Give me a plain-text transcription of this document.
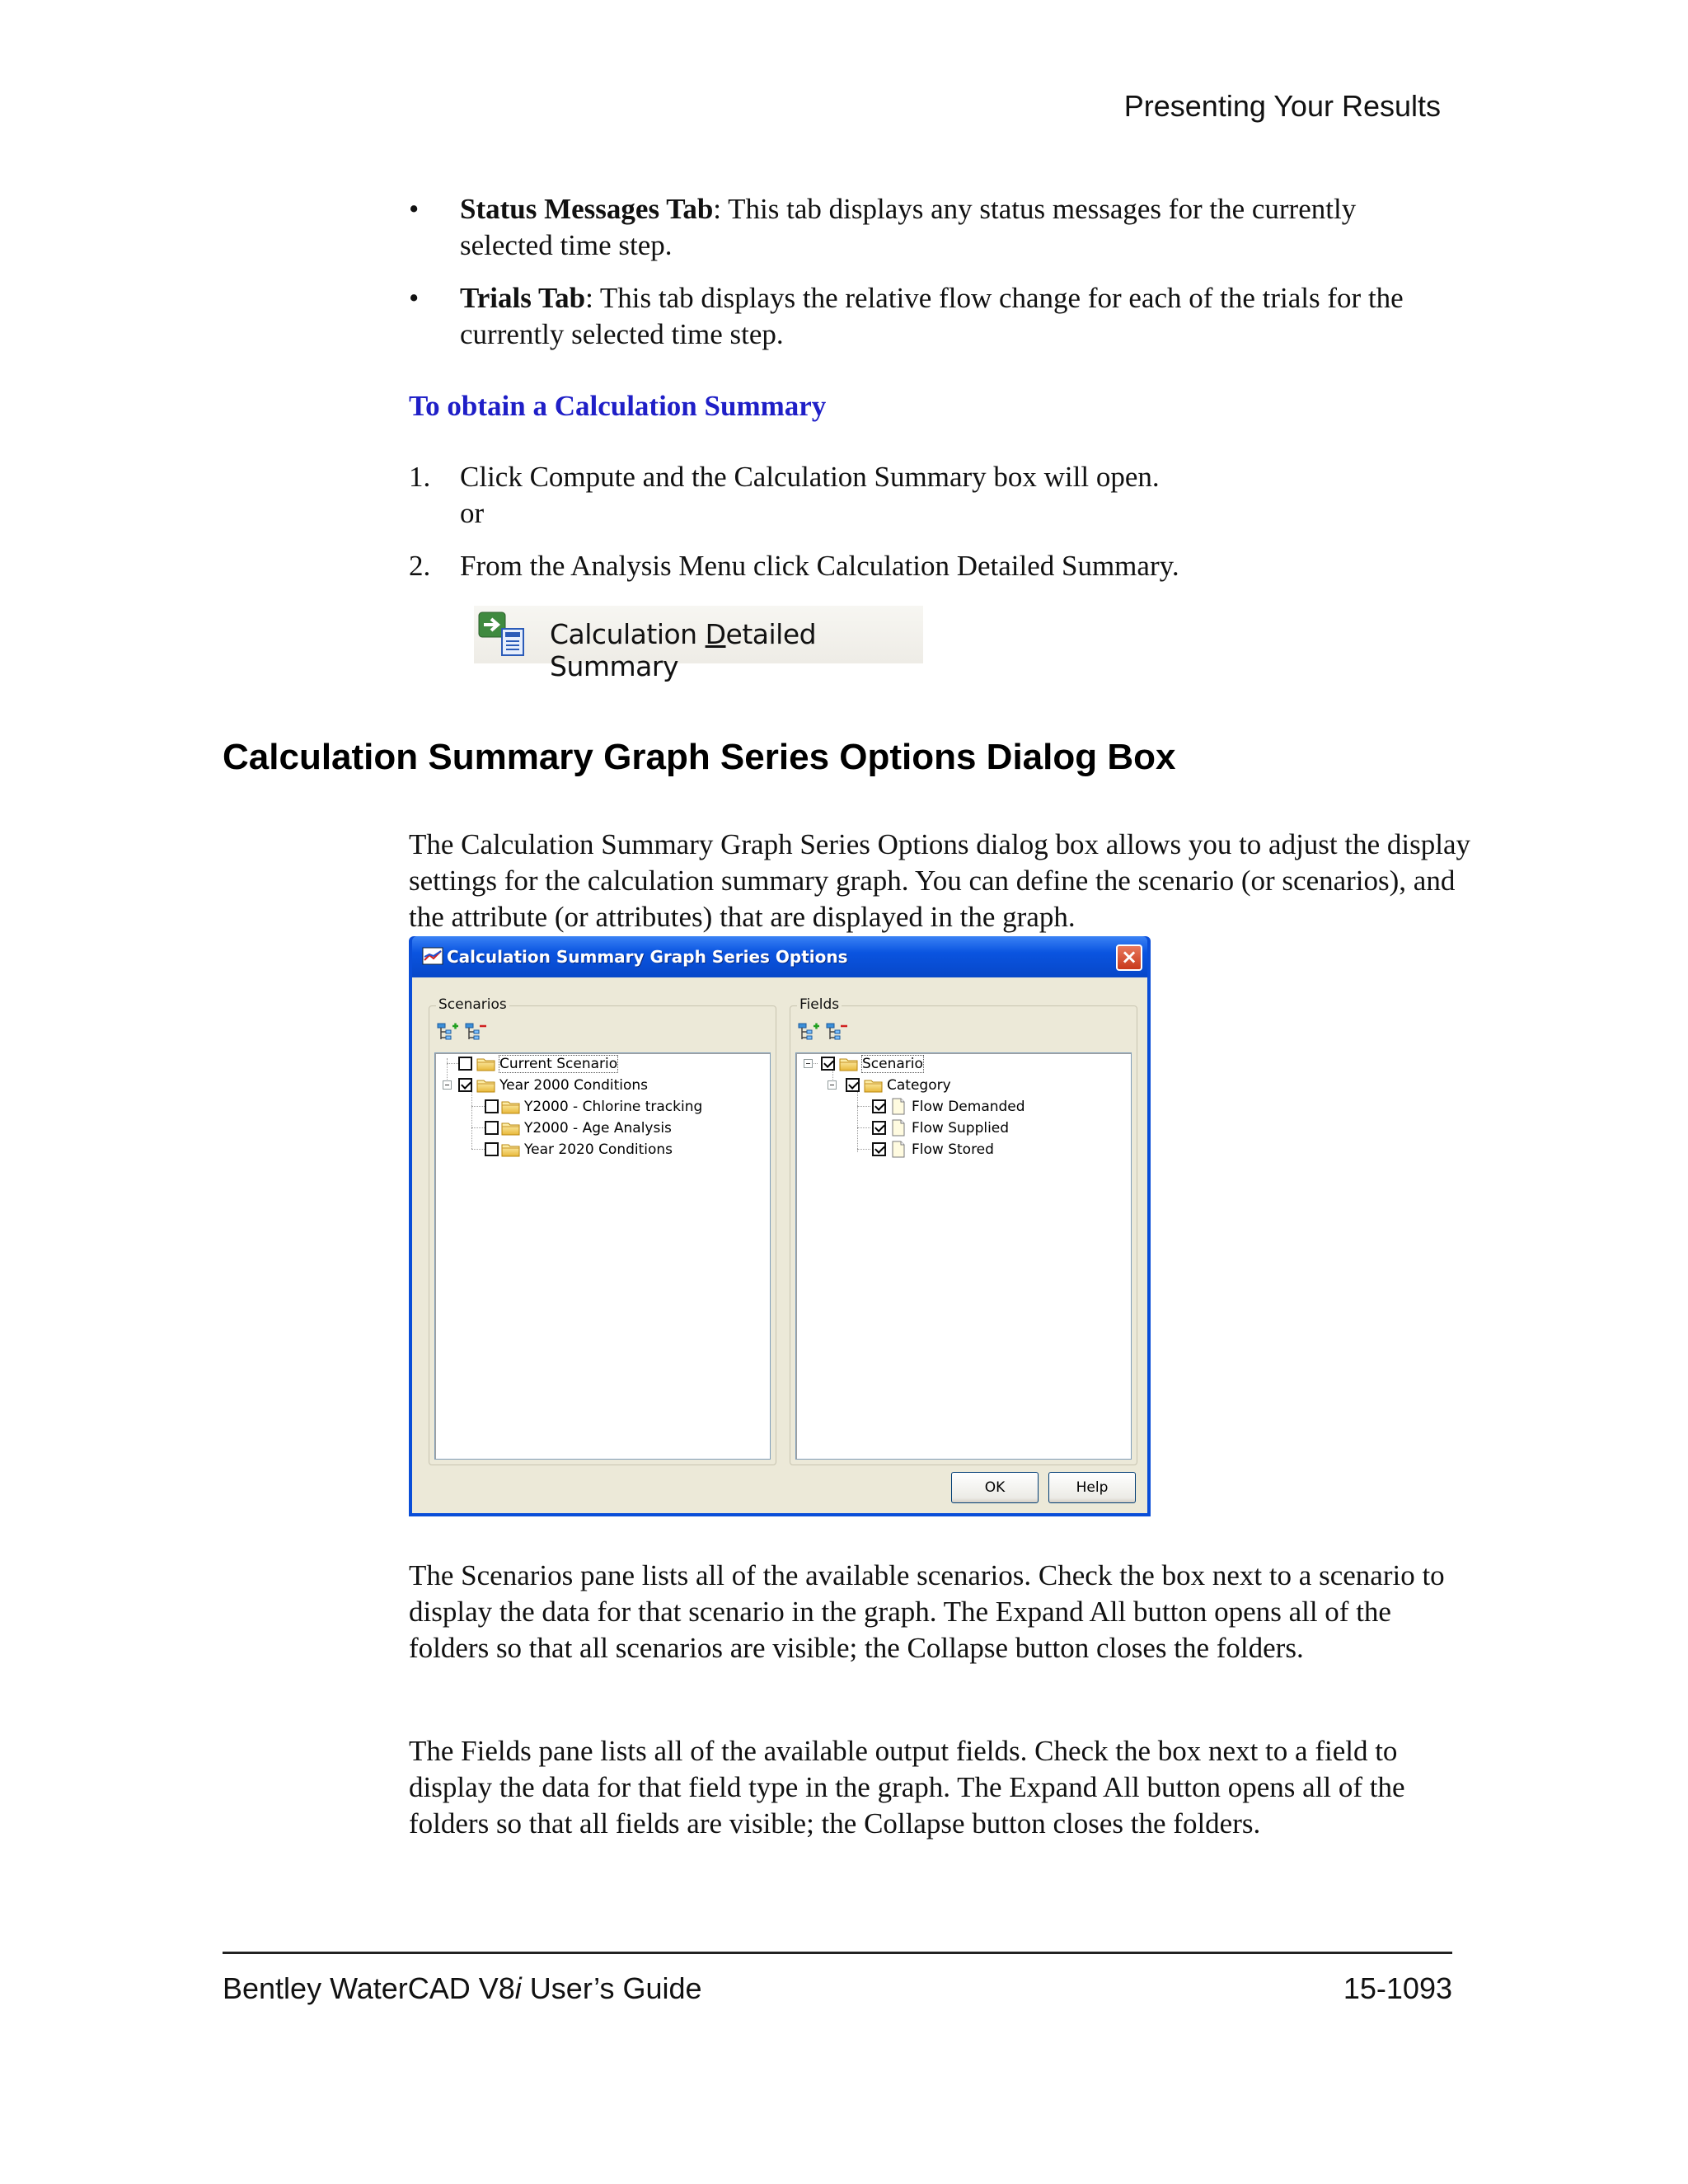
Presenting Your Results
• Status Messages Tab: This tab displays any status messages for the currently selected time step.
• Trials Tab: This tab displays the relative flow change for each of the trials for the currently selected time step.
To obtain a Calculation Summary
1. Click Compute and the Calculation Summary box will open.
or
2. From the Analysis Menu click Calculation Detailed Summary.
Calculation Detailed Summary
Calculation Summary Graph Series Options Dialog Box
The Calculation Summary Graph Series Options dialog box allows you to adjust the display settings for the calculation summary graph. You can define the scenario (or scenarios), and the attribute (or attributes) that are displayed in the graph.
Calculation Summary Graph Series Options	×
Scenarios
Current Scenario
Year 2000 Conditions
Y2000 - Chlorine tracking
Y2000 - Age Analysis
Year 2020 Conditions
Fields
Scenario
Category
Flow Demanded
Flow Supplied
Flow Stored
OK	Help
The Scenarios pane lists all of the available scenarios. Check the box next to a scenario to display the data for that scenario in the graph. The Expand All button opens all of the folders so that all scenarios are visible; the Collapse button closes the folders.
The Fields pane lists all of the available output fields. Check the box next to a field to display the data for that field type in the graph. The Expand All button opens all of the folders so that all fields are visible; the Collapse button closes the folders.
Bentley WaterCAD V8i User’s Guide	15-1093
